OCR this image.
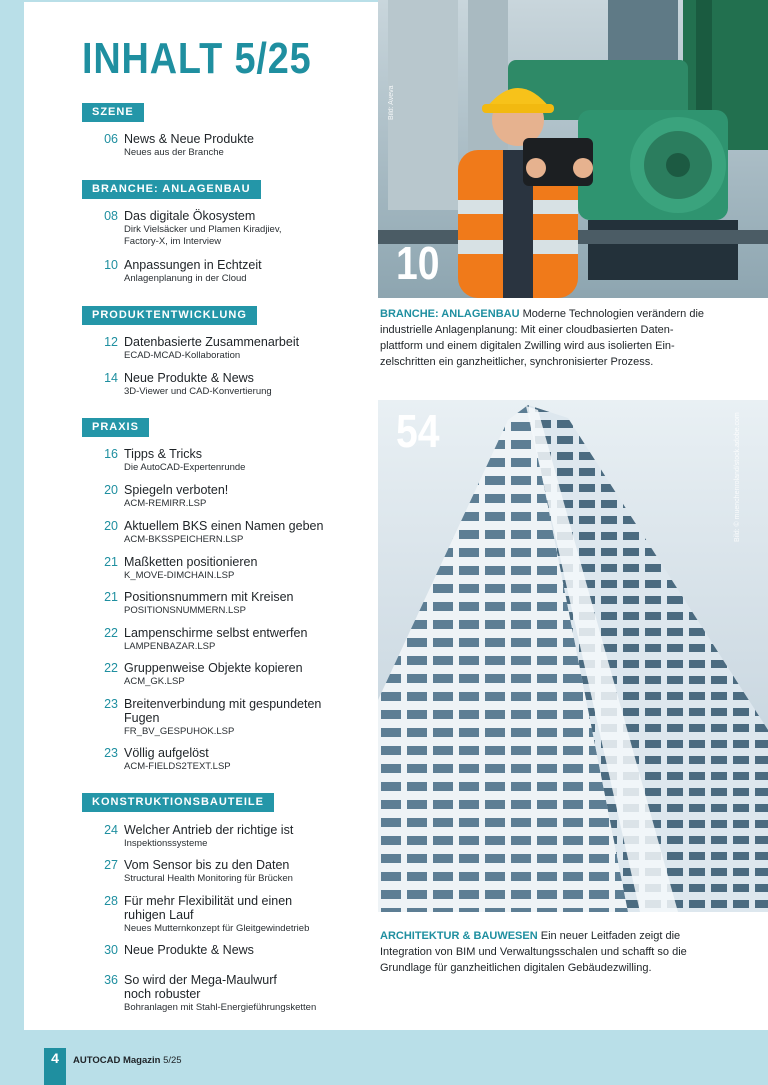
INHALT 5/25
SZENE
06 News & Neue Produkte
Neues aus der Branche
BRANCHE: ANLAGENBAU
08 Das digitale Ökosystem
Dirk Vielsäcker und Plamen Kiradjiev,
Factory-X, im Interview
10 Anpassungen in Echtzeit
Anlagenplanung in der Cloud
PRODUKTENTWICKLUNG
12 Datenbasierte Zusammenarbeit
ECAD-MCAD-Kollaboration
14 Neue Produkte & News
3D-Viewer und CAD-Konvertierung
PRAXIS
16 Tipps & Tricks
Die AutoCAD-Expertenrunde
20 Spiegeln verboten!
ACM-REMIRR.LSP
20 Aktuellem BKS einen Namen geben
ACM-BKSSPEICHERN.LSP
21 Maßketten positionieren
K_MOVE-DIMCHAIN.LSP
21 Positionsnummern mit Kreisen
POSITIONSNUMMERN.LSP
22 Lampenschirme selbst entwerfen
LAMPENBAZAR.LSP
22 Gruppenweise Objekte kopieren
ACM_GK.LSP
23 Breitenverbindung mit gespundeten
Fugen
FR_BV_GESPUHOK.LSP
23 Völlig aufgelöst
ACM-FIELDS2TEXT.LSP
KONSTRUKTIONSBAUTEILE
24 Welcher Antrieb der richtige ist
Inspektionssysteme
27 Vom Sensor bis zu den Daten
Structural Health Monitoring für Brücken
28 Für mehr Flexibilität und einen
ruhigen Lauf
Neues Mutternkonzept für Gleitgewindetrieb
30 Neue Produkte & News
36 So wird der Mega-Maulwurf
noch robuster
Bohranlagen mit Stahl-Energieführungsketten
10
Bild: Aveva
BRANCHE: ANLAGENBAU Moderne Technologien verändern die
industrielle Anlagenplanung: Mit einer cloudbasierten Daten-
plattform und einem digitalen Zwilling wird aus isolierten Ein-
zelschritten ein ganzheitlicher, synchronisierter Prozess.
54	Bild: © muenchenroland/stock.adobe.com
ARCHITEKTUR & BAUWESEN Ein neuer Leitfaden zeigt die
Integration von BIM und Verwaltungsschalen und schafft so die
Grundlage für ganzheitlichen digitalen Gebäudezwilling.
4	AUTOCAD Magazin 5/25
